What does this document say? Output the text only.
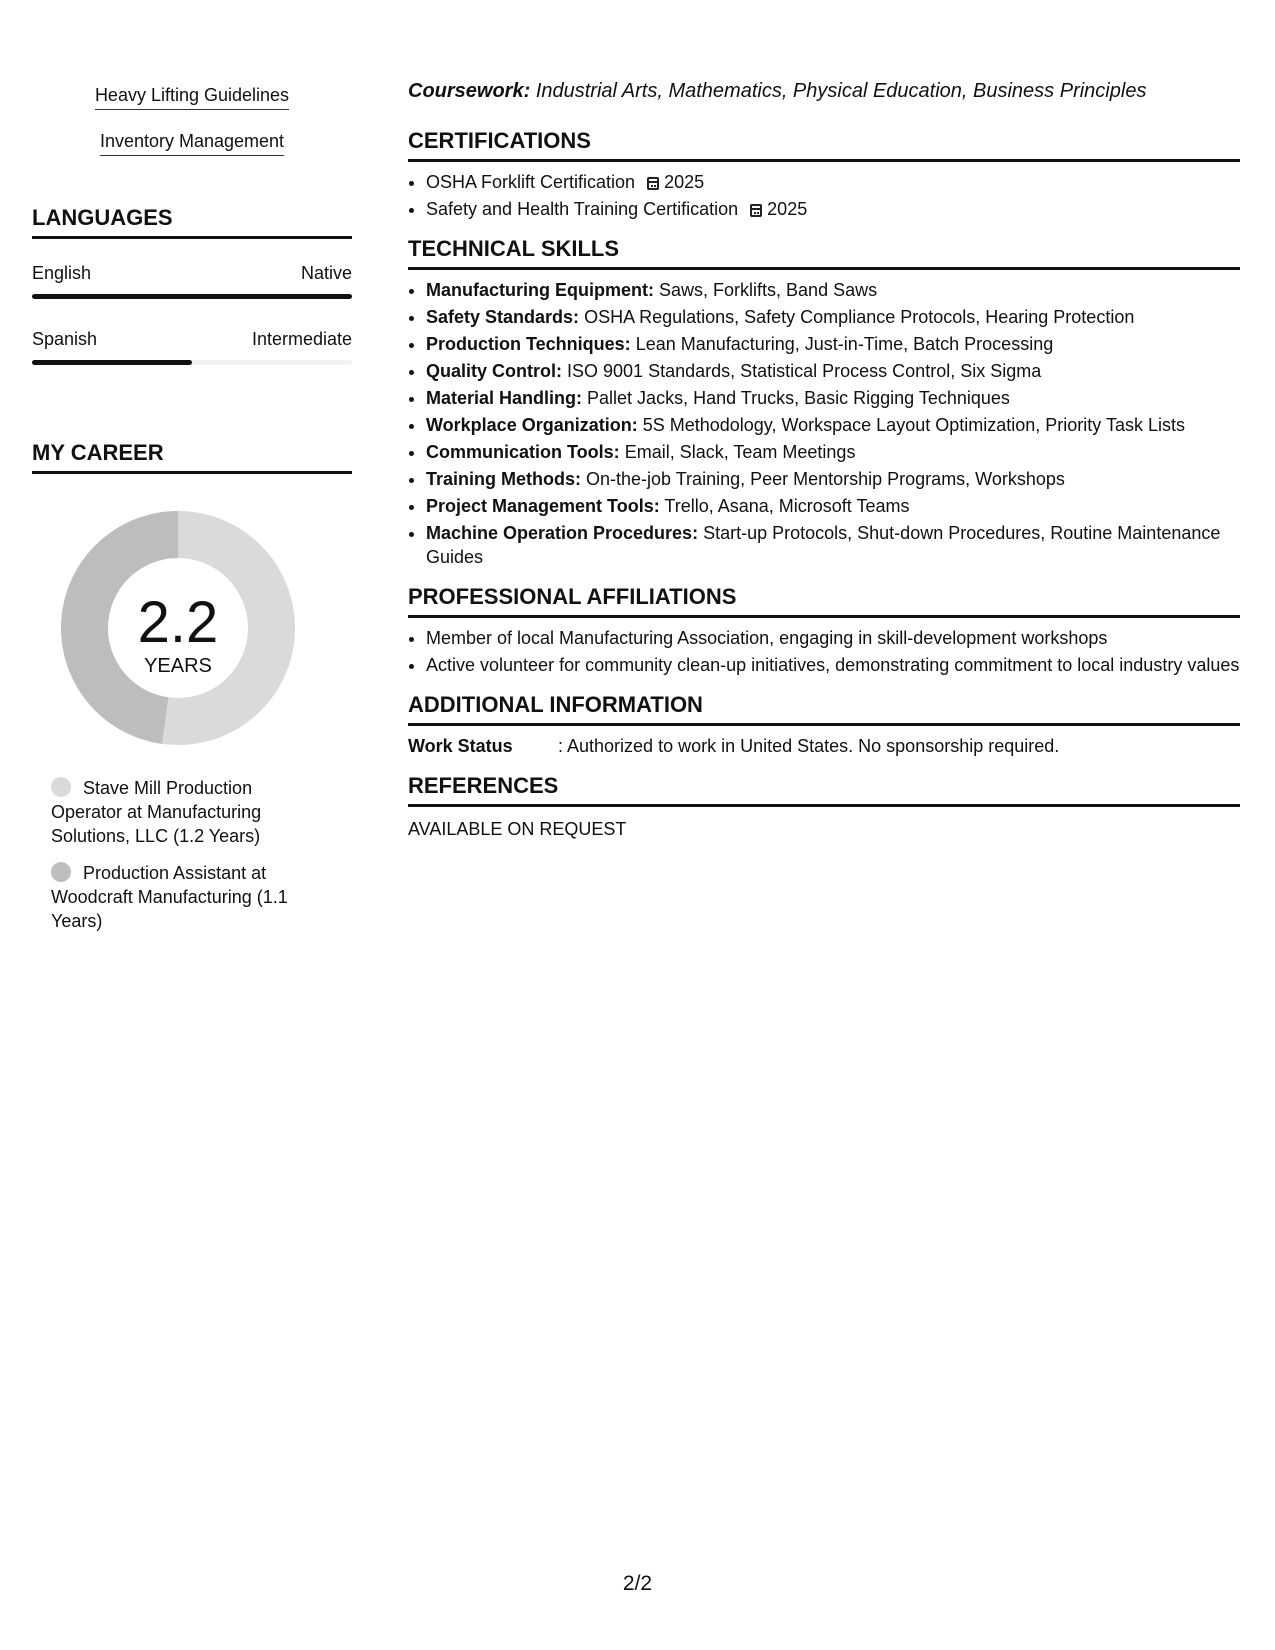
Heavy Lifting Guidelines
Inventory Management
LANGUAGES
English	Native
Spanish	Intermediate
MY CAREER
2.2
YEARS
Stave Mill Production Operator at Manufacturing Solutions, LLC (1.2 Years)
Production Assistant at Woodcraft Manufacturing (1.1 Years)
Coursework: Industrial Arts, Mathematics, Physical Education, Business Principles
CERTIFICATIONS
• OSHA Forklift Certification 2025
• Safety and Health Training Certification 2025
TECHNICAL SKILLS
• Manufacturing Equipment: Saws, Forklifts, Band Saws
• Safety Standards: OSHA Regulations, Safety Compliance Protocols, Hearing Protection
• Production Techniques: Lean Manufacturing, Just-in-Time, Batch Processing
• Quality Control: ISO 9001 Standards, Statistical Process Control, Six Sigma
• Material Handling: Pallet Jacks, Hand Trucks, Basic Rigging Techniques
• Workplace Organization: 5S Methodology, Workspace Layout Optimization, Priority Task Lists
• Communication Tools: Email, Slack, Team Meetings
• Training Methods: On-the-job Training, Peer Mentorship Programs, Workshops
• Project Management Tools: Trello, Asana, Microsoft Teams
• Machine Operation Procedures: Start-up Protocols, Shut-down Procedures, Routine Maintenance Guides
PROFESSIONAL AFFILIATIONS
• Member of local Manufacturing Association, engaging in skill-development workshops
• Active volunteer for community clean-up initiatives, demonstrating commitment to local industry values
ADDITIONAL INFORMATION
Work Status	: Authorized to work in United States. No sponsorship required.
REFERENCES
AVAILABLE ON REQUEST
2/2
